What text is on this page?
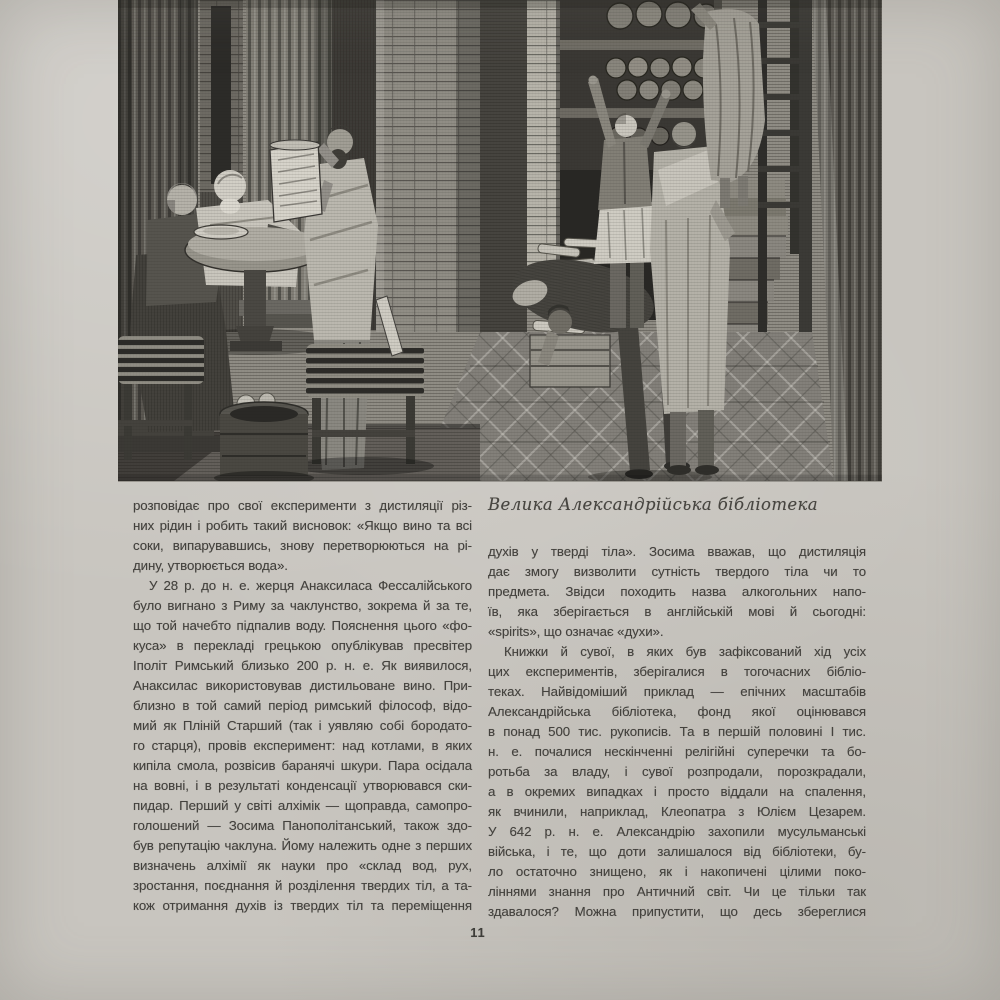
розповідає про свої експерименти з дистиляції різ-
них рідин і робить такий висновок: «Якщо вино та всі
соки, випарувавшись, знову перетворюються на рі-
дину, утворюється вода».
У 28 р. до н. е. жерця Анаксиласа Фессалійського
було вигнано з Риму за чаклунство, зокрема й за те,
що той начебто підпалив воду. Пояснення цього «фо-
куса» в перекладі грецькою опублікував пресвітер
Іполіт Римський близько 200 р. н. е. Як виявилося,
Анаксилас використовував дистильоване вино. При-
близно в той самий період римський філософ, відо-
мий як Пліній Старший (так і уявляю собі бородато-
го старця), провів експеримент: над котлами, в яких
кипіла смола, розвісив баранячі шкури. Пара осідала
на вовні, і в результаті конденсації утворювався ски-
пидар. Перший у світі алхімік — щоправда, самопро-
голошений — Зосима Панополітанський, також здо-
був репутацію чаклуна. Йому належить одне з перших
визначень алхімії як науки про «склад вод, рух,
зростання, поєднання й розділення твердих тіл, а та-
кож отримання духів із твердих тіл та переміщення
Велика Александрійська бібліотека
духів у тверді тіла». Зосима вважав, що дистиляція
дає змогу визволити сутність твердого тіла чи то
предмета. Звідси походить назва алкогольних напо-
їв, яка зберігається в англійській мові й сьогодні:
«spirits», що означає «духи».
Книжки й сувої, в яких був зафіксований хід усіх
цих експериментів, зберігалися в тогочасних бібліо-
теках. Найвідоміший приклад — епічних масштабів
Александрійська бібліотека, фонд якої оцінювався
в понад 500 тис. рукописів. Та в першій половині І тис.
н. е. почалися нескінченні релігійні суперечки та бо-
ротьба за владу, і сувої розпродали, порозкрадали,
а в окремих випадках і просто віддали на спалення,
як вчинили, наприклад, Клеопатра з Юлієм Цезарем.
У 642 р. н. е. Александрію захопили мусульманські
війська, і те, що доти залишалося від бібліотеки, бу-
ло остаточно знищено, як і накопичені цілими поко-
ліннями знання про Античний світ. Чи це тільки так
здавалося? Можна припустити, що десь збереглися
11
